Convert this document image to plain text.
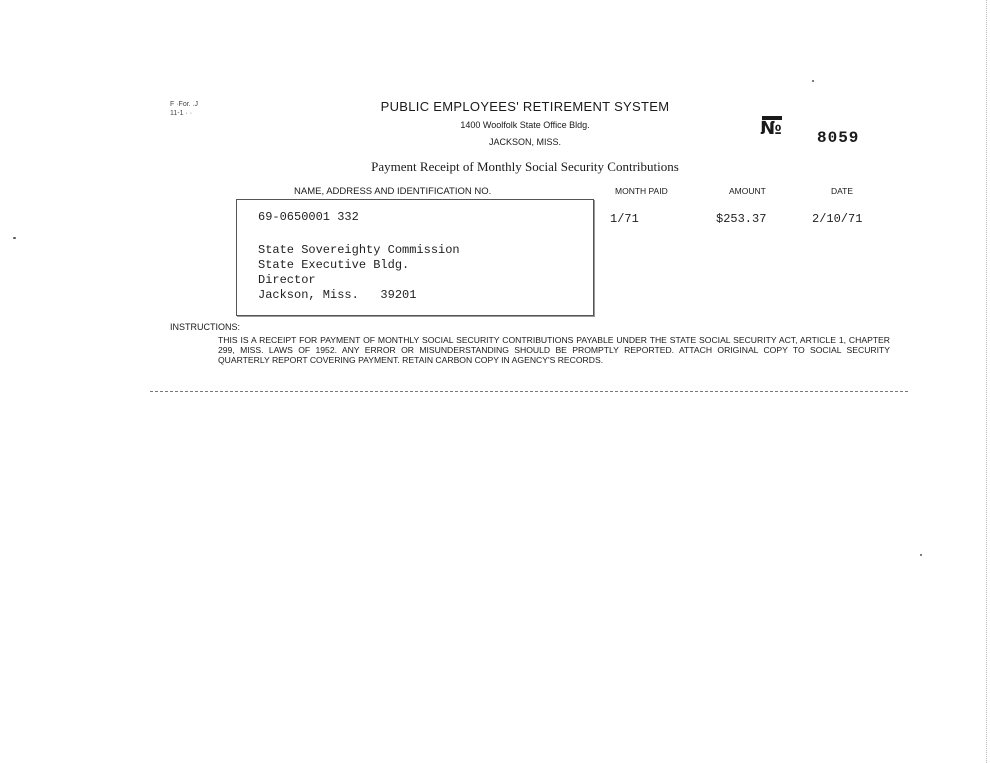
F ·For. .J
11-1 · ·	PUBLIC EMPLOYEES' RETIREMENT SYSTEM
1400 Woolfolk State Office Bldg.
JACKSON, MISS.
№ 8059
Payment Receipt of Monthly Social Security Contributions
NAME, ADDRESS AND IDENTIFICATION NO.	MONTH PAID	AMOUNT	DATE
69-0650001 332
State Sovereighty Commission
State Executive Bldg.
Director
Jackson, Miss.   39201
1/71	$253.37	2/10/71
INSTRUCTIONS:
THIS IS A RECEIPT FOR PAYMENT OF MONTHLY SOCIAL SECURITY CONTRIBUTIONS PAYABLE UNDER THE STATE SOCIAL SECURITY ACT, ARTICLE 1, CHAPTER 299, MISS. LAWS OF 1952. ANY ERROR OR MISUNDERSTANDING SHOULD BE PROMPTLY REPORTED. ATTACH ORIGINAL COPY TO SOCIAL SECURITY QUARTERLY REPORT COVERING PAYMENT. RETAIN CARBON COPY IN AGENCY'S RECORDS.
